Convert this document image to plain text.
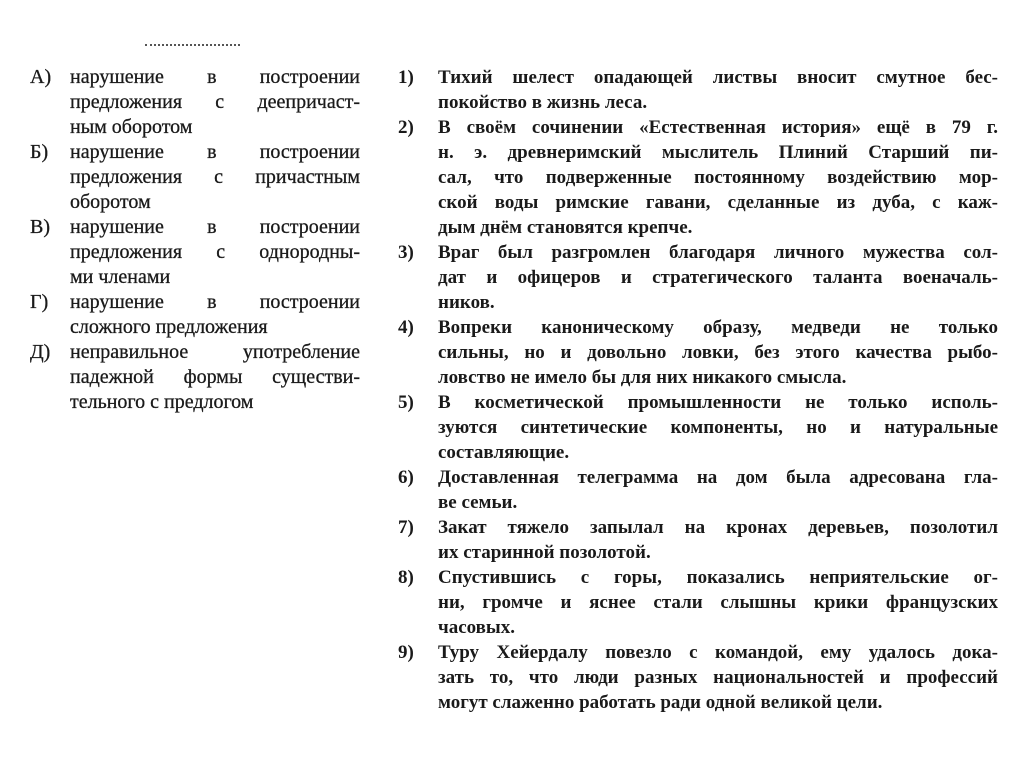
А) нарушение в построении
предложения с деепричаст-
ным оборотом
Б) нарушение в построении
предложения с причастным
оборотом
В) нарушение в построении
предложения с однородны-
ми членами
Г) нарушение в построении
сложного предложения
Д) неправильное употребление
падежной формы существи-
тельного с предлогом
1) Тихий шелест опадающей листвы вносит смутное бес-
покойство в жизнь леса.
2) В своём сочинении «Естественная история» ещё в 79 г.
н. э. древнеримский мыслитель Плиний Старший пи-
сал, что подверженные постоянному воздействию мор-
ской воды римские гавани, сделанные из дуба, с каж-
дым днём становятся крепче.
3) Враг был разгромлен благодаря личного мужества сол-
дат и офицеров и стратегического таланта военачаль-
ников.
4) Вопреки каноническому образу, медведи не только
сильны, но и довольно ловки, без этого качества рыбо-
ловство не имело бы для них никакого смысла.
5) В косметической промышленности не только исполь-
зуются синтетические компоненты, но и натуральные
составляющие.
6) Доставленная телеграмма на дом была адресована гла-
ве семьи.
7) Закат тяжело запылал на кронах деревьев, позолотил
их старинной позолотой.
8) Спустившись с горы, показались неприятельские ог-
ни, громче и яснее стали слышны крики французских
часовых.
9) Туру Хейердалу повезло с командой, ему удалось дока-
зать то, что люди разных национальностей и профессий
могут слаженно работать ради одной великой цели.
